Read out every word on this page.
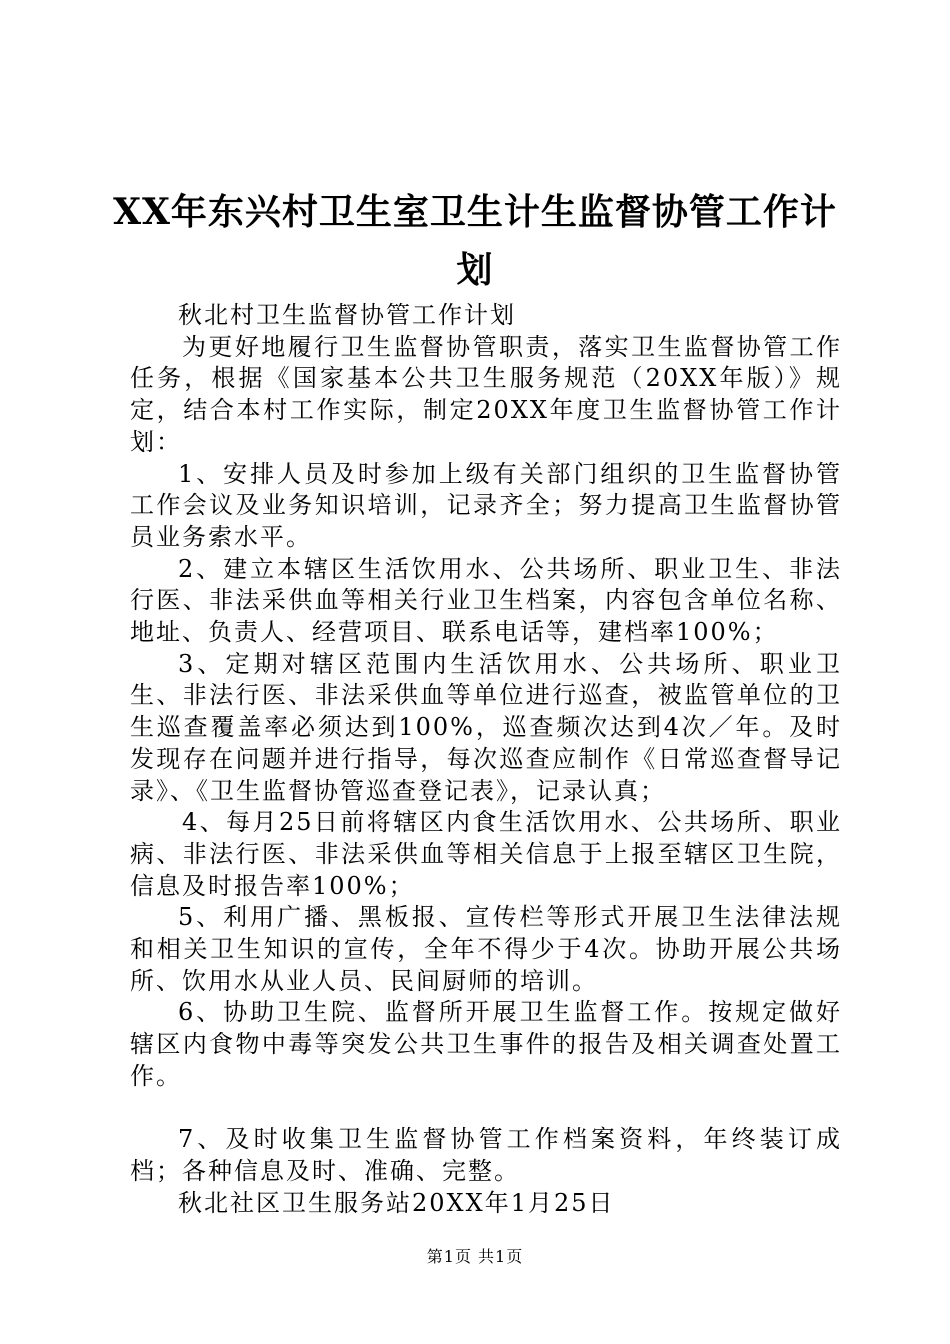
XX年东兴村卫生室卫生计生监督协管工作计
划

秋北村卫生监督协管工作计划

为更好地履行卫生监督协管职责，落实卫生监督协管工作任务，根据《国家基本公共卫生服务规范（20XX年版）》规定，结合本村工作实际，制定20XX年度卫生监督协管工作计划：

1、安排人员及时参加上级有关部门组织的卫生监督协管工作会议及业务知识培训，记录齐全；努力提高卫生监督协管员业务索水平。

2、建立本辖区生活饮用水、公共场所、职业卫生、非法行医、非法采供血等相关行业卫生档案，内容包含单位名称、地址、负责人、经营项目、联系电话等，建档率100%；

3、定期对辖区范围内生活饮用水、公共场所、职业卫生、非法行医、非法采供血等单位进行巡查，被监管单位的卫生巡查覆盖率必须达到100%，巡查频次达到4次／年。及时发现存在问题并进行指导，每次巡查应制作《日常巡查督导记录》、《卫生监督协管巡查登记表》，记录认真；

4、每月25日前将辖区内食生活饮用水、公共场所、职业病、非法行医、非法采供血等相关信息于上报至辖区卫生院，信息及时报告率100%；

5、利用广播、黑板报、宣传栏等形式开展卫生法律法规和相关卫生知识的宣传，全年不得少于4次。协助开展公共场所、饮用水从业人员、民间厨师的培训。

6、协助卫生院、监督所开展卫生监督工作。按规定做好辖区内食物中毒等突发公共卫生事件的报告及相关调查处置工作。

7、及时收集卫生监督协管工作档案资料，年终装订成档；各种信息及时、准确、完整。

秋北社区卫生服务站20XX年1月25日

第1页 共1页
